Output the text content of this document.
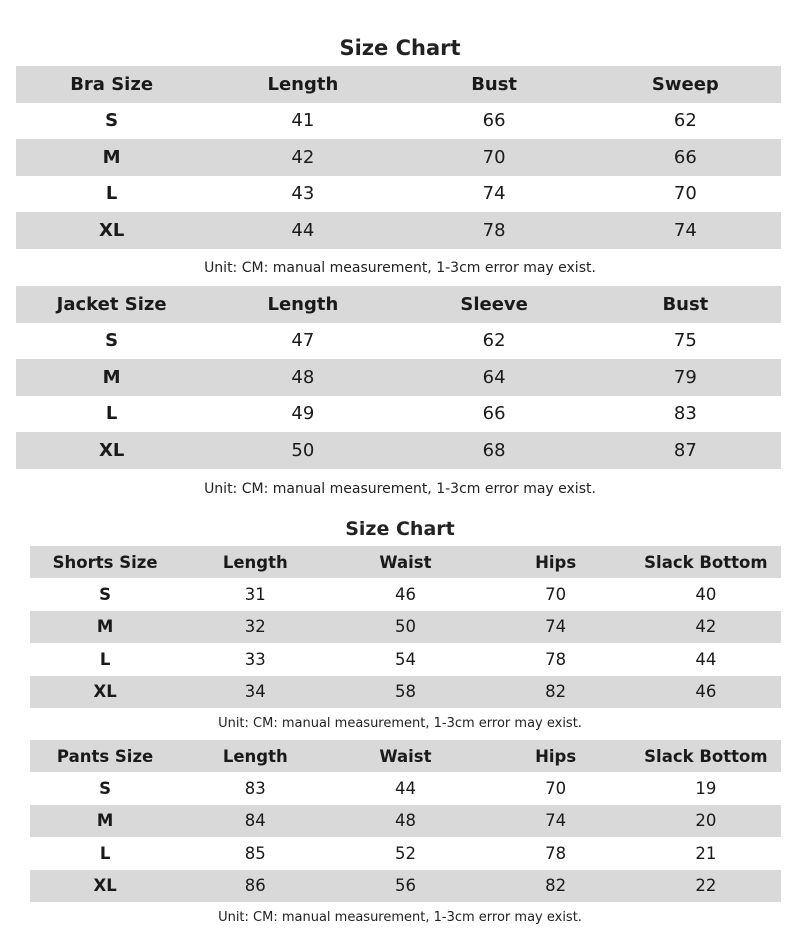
Size Chart
Bra Size	Length	Bust	Sweep
S	41	66	62
M	42	70	66
L	43	74	70
XL	44	78	74
Unit: CM: manual measurement, 1-3cm error may exist.
Jacket Size	Length	Sleeve	Bust
S	47	62	75
M	48	64	79
L	49	66	83
XL	50	68	87
Unit: CM: manual measurement, 1-3cm error may exist.
Size Chart
Shorts Size	Length	Waist	Hips	Slack Bottom
S	31	46	70	40
M	32	50	74	42
L	33	54	78	44
XL	34	58	82	46
Unit: CM: manual measurement, 1-3cm error may exist.
Pants Size	Length	Waist	Hips	Slack Bottom
S	83	44	70	19
M	84	48	74	20
L	85	52	78	21
XL	86	56	82	22
Unit: CM: manual measurement, 1-3cm error may exist.
